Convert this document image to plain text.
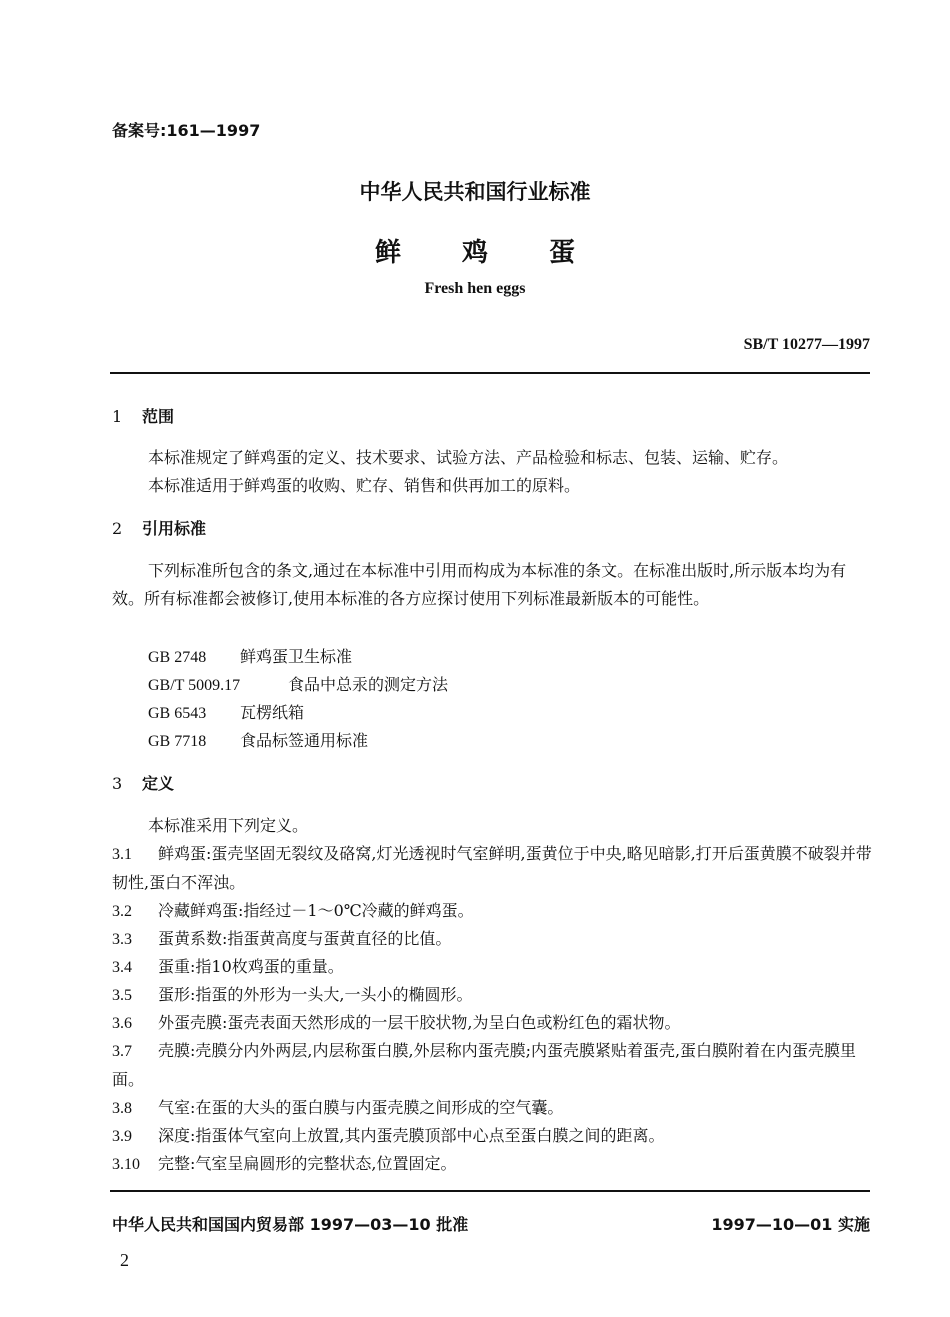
备案号:161—1997
中华人民共和国行业标准
鲜 鸡 蛋
Fresh hen eggs
SB/T 10277—1997
1 范围
本标准规定了鲜鸡蛋的定义、技术要求、试验方法、产品检验和标志、包装、运输、贮存。
本标准适用于鲜鸡蛋的收购、贮存、销售和供再加工的原料。
2 引用标准
下列标准所包含的条文,通过在本标准中引用而构成为本标准的条文。在标准出版时,所示版本均为有效。所有标准都会被修订,使用本标准的各方应探讨使用下列标准最新版本的可能性。
GB 2748 鲜鸡蛋卫生标准
GB/T 5009.17	食品中总汞的测定方法
GB 6543 瓦楞纸箱
GB 7718 食品标签通用标准
3 定义
本标准采用下列定义。
3.1 鲜鸡蛋:蛋壳坚固无裂纹及硌窝,灯光透视时气室鲜明,蛋黄位于中央,略见暗影,打开后蛋黄膜不破裂并带韧性,蛋白不浑浊。
3.2 冷藏鲜鸡蛋:指经过－1～0℃冷藏的鲜鸡蛋。
3.3 蛋黄系数:指蛋黄高度与蛋黄直径的比值。
3.4 蛋重:指10枚鸡蛋的重量。
3.5 蛋形:指蛋的外形为一头大,一头小的椭圆形。
3.6 外蛋壳膜:蛋壳表面天然形成的一层干胶状物,为呈白色或粉红色的霜状物。
3.7 壳膜:壳膜分内外两层,内层称蛋白膜,外层称内蛋壳膜;内蛋壳膜紧贴着蛋壳,蛋白膜附着在内蛋壳膜里面。
3.8 气室:在蛋的大头的蛋白膜与内蛋壳膜之间形成的空气囊。
3.9 深度:指蛋体气室向上放置,其内蛋壳膜顶部中心点至蛋白膜之间的距离。
3.10 完整:气室呈扁圆形的完整状态,位置固定。
中华人民共和国国内贸易部 1997—03—10 批准	1997—10—01 实施
2
